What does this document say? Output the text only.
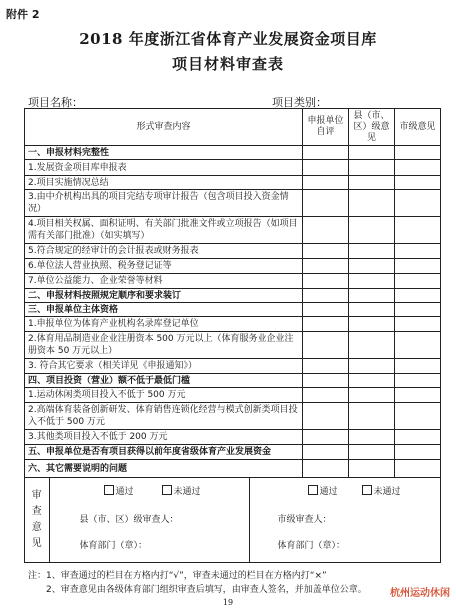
附件 2
2018 年度浙江省体育产业发展资金项目库
项目材料审查表
项目名称：	项目类别：
形式审查内容	申报单位自评	县（市、区）级意见	市级意见
一、申报材料完整性			
1.发展资金项目库申报表			
2.项目实施情况总结			
3.由中介机构出具的项目完结专项审计报告（包含项目投入资金情况）			
4.项目相关权属、面积证明、有关部门批准文件或立项报告（如项目需有关部门批准）（如实填写）			
5.符合规定的经审计的会计报表或财务报表			
6.单位法人营业执照、税务登记证等			
7.单位公益能力、企业荣誉等材料			
二、申报材料按照规定顺序和要求装订			
三、申报单位主体资格			
1.申报单位为体育产业机构名录库登记单位			
2.体育用品制造业企业注册资本 500 万元以上（体育服务业企业注册资本 50 万元以上）			
3. 符合其它要求（相关详见《申报通知》）			
四、项目投资（营业）额不低于最低门槛			
1.运动休闲类项目投入不低于 500 万元			
2.高端体育装备创新研发、体育销售连锁化经营与模式创新类项目投入不低于 500 万元			
3.其他类项目投入不低于 200 万元			
五、申报单位是否有项目获得以前年度省级体育产业发展资金			
六、其它需要说明的问题			

审查意见	
通过	未通过
县（市、区）级审查人：
体育部门（章）：

通过	未通过
市级审查人：
体育部门（章）：
注：1、审查通过的栏目在方格内打“√”，审查未通过的栏目在方格内打“×”
2、审查意见由各级体育部门组织审查后填写，由审查人签名，并加盖单位公章。
19
杭州运动休闲
